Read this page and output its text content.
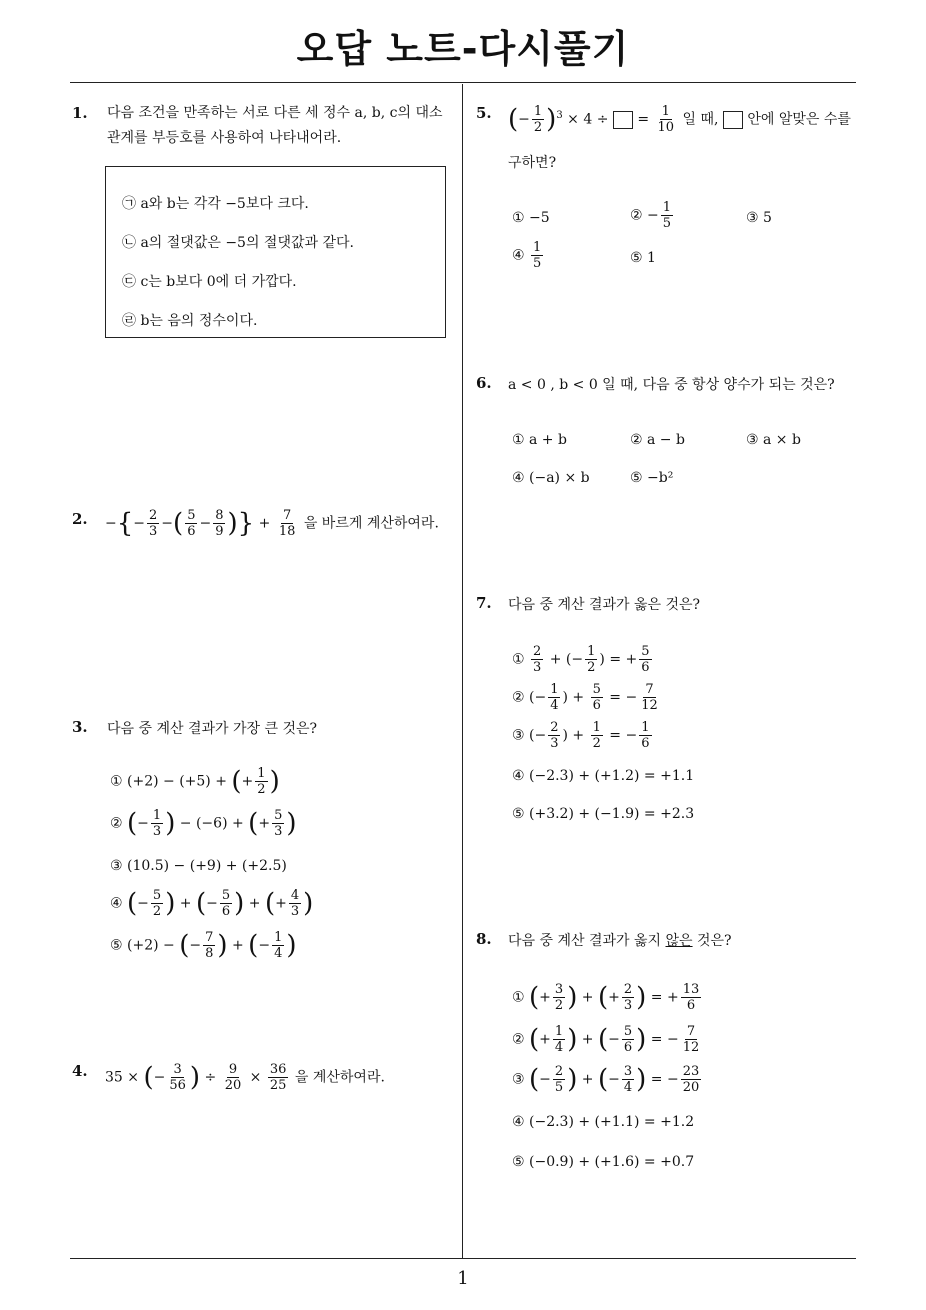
오답 노트-다시풀기
1
1. 다음 조건을 만족하는 서로 다른 세 정수 a, b, c의 대소
관계를 부등호를 사용하여 나타내어라.
㉠ a와 b는 각각 −5보다 크다.
㉡ a의 절댓값은 −5의 절댓값과 같다.
㉢ c는 b보다 0에 더 가깝다.
㉣ b는 음의 정수이다.
2. −{− $\frac{2}{3}$ −( $\frac{5}{6} - \frac{8}{9}$ )} + $\frac{7}{18}$ 을 바르게 계산하여라.
3. 다음 중 계산 결과가 가장 큰 것은?
① (+2) − (+5) + (+ $\frac{1}{2}$ )
② (− $\frac{1}{3}$ ) − (−6) + (+ $\frac{5}{3}$ )
③ (10.5) − (+9) + (+2.5)
④ (− $\frac{5}{2}$ ) + (− $\frac{5}{6}$ ) + (+ $\frac{4}{3}$ )
⑤ (+2) − (− $\frac{7}{8}$ ) + (− $\frac{1}{4}$ )
4. 35 × (− $\frac{3}{56}$ ) ÷ $\frac{9}{20} \times \frac{36}{25}$ 을 계산하여라.
5. (− $\frac{1}{2} )^3 \times 4$ ÷  = $\frac{1}{10}$ 일 때, 안에 알맞은 수를
구하면?
① −5	② − $\frac{1}{5}$	③ 5
④ $\frac{1}{5}$	⑤ 1
6. a < 0 , b < 0 일 때, 다음 중 항상 양수가 되는 것은?
① a + b	② a − b	③ a × b
④ (−a) × b	⑤ −b²
7. 다음 중 계산 결과가 옳은 것은?
① $\frac{2}{3}$ + (− $\frac{1}{2}$ ) = + $\frac{5}{6}$
② (− $\frac{1}{4}$ ) + $\frac{5}{6}$ = − $\frac{7}{12}$
③ (− $\frac{2}{3}$ ) + $\frac{1}{2}$ = − $\frac{1}{6}$
④ (−2.3) + (+1.2) = +1.1
⑤ (+3.2) + (−1.9) = +2.3
8. 다음 중 계산 결과가 옳지 않은 것은?
① (+ $\frac{3}{2}$ ) + (+ $\frac{2}{3}$ ) = + $\frac{13}{6}$
② (+ $\frac{1}{4}$ ) + (− $\frac{5}{6}$ ) = − $\frac{7}{12}$
③ (− $\frac{2}{5}$ ) + (− $\frac{3}{4}$ ) = − $\frac{23}{20}$
④ (−2.3) + (+1.1) = +1.2
⑤ (−0.9) + (+1.6) = +0.7
